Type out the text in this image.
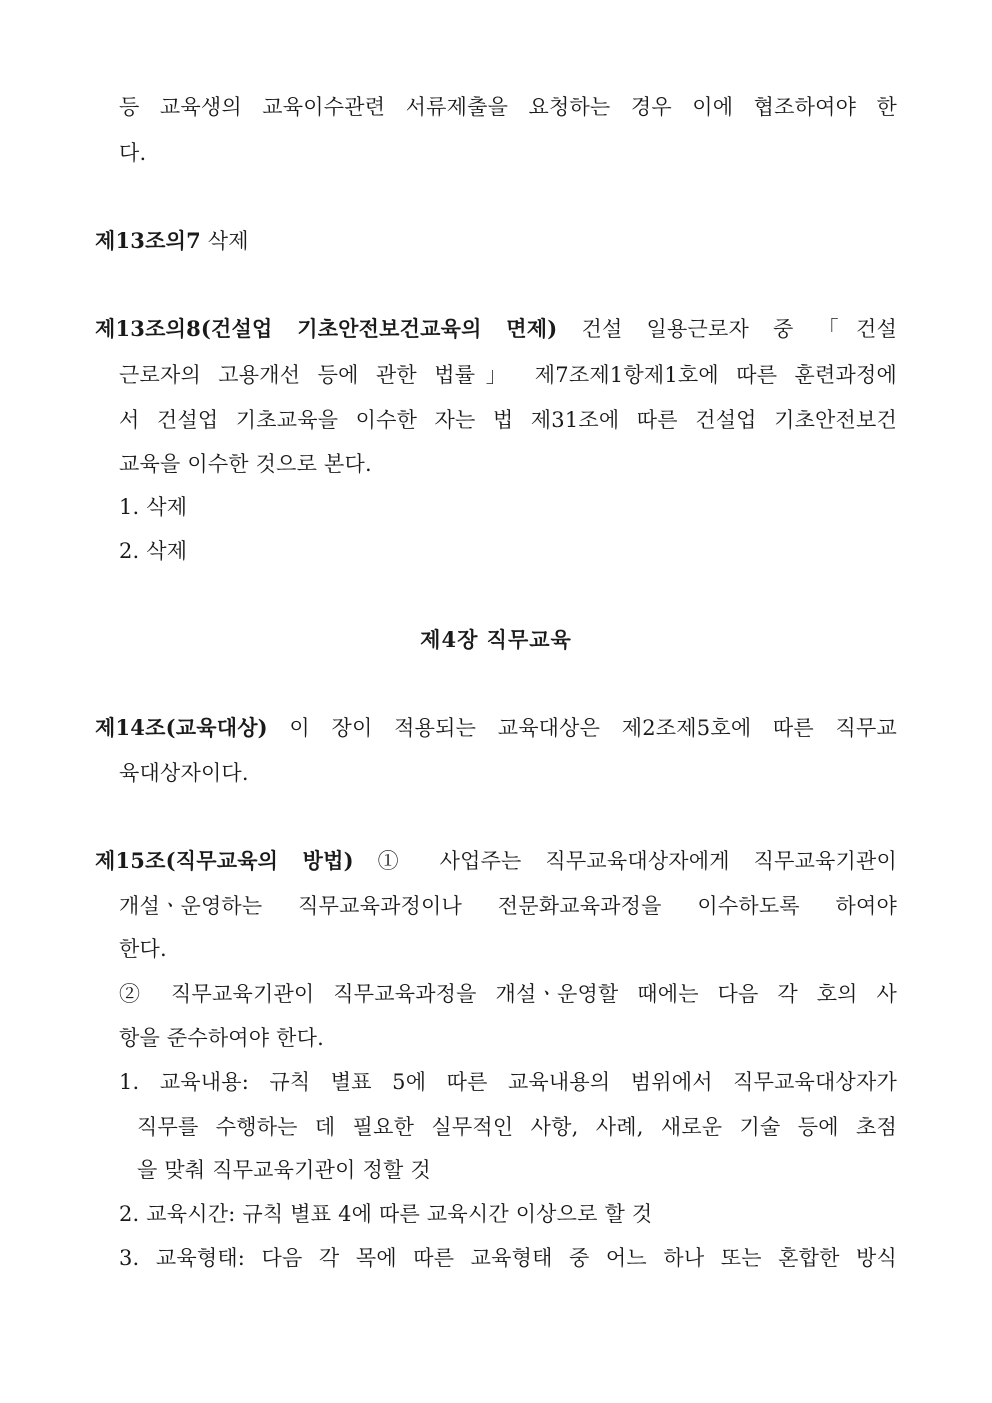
등 교육생의 교육이수관련 서류제출을 요청하는 경우 이에 협조하여야 한
다.
제13조의7 삭제
제13조의8(건설업 기초안전보건교육의 면제) 건설 일용근로자 중 「건설
근로자의 고용개선 등에 관한 법률」 제7조제1항제1호에 따른 훈련과정에
서 건설업 기초교육을 이수한 자는 법 제31조에 따른 건설업 기초안전보건
교육을 이수한 것으로 본다.
1. 삭제
2. 삭제
제4장 직무교육
제14조(교육대상) 이 장이 적용되는 교육대상은 제2조제5호에 따른 직무교
육대상자이다.
제15조(직무교육의 방법) ① 사업주는 직무교육대상자에게 직무교육기관이
개설ㆍ운영하는 직무교육과정이나 전문화교육과정을 이수하도록 하여야
한다.
② 직무교육기관이 직무교육과정을 개설ㆍ운영할 때에는 다음 각 호의 사
항을 준수하여야 한다.
1. 교육내용: 규칙 별표 5에 따른 교육내용의 범위에서 직무교육대상자가
직무를 수행하는 데 필요한 실무적인 사항, 사례, 새로운 기술 등에 초점
을 맞춰 직무교육기관이 정할 것
2. 교육시간: 규칙 별표 4에 따른 교육시간 이상으로 할 것
3. 교육형태: 다음 각 목에 따른 교육형태 중 어느 하나 또는 혼합한 방식
